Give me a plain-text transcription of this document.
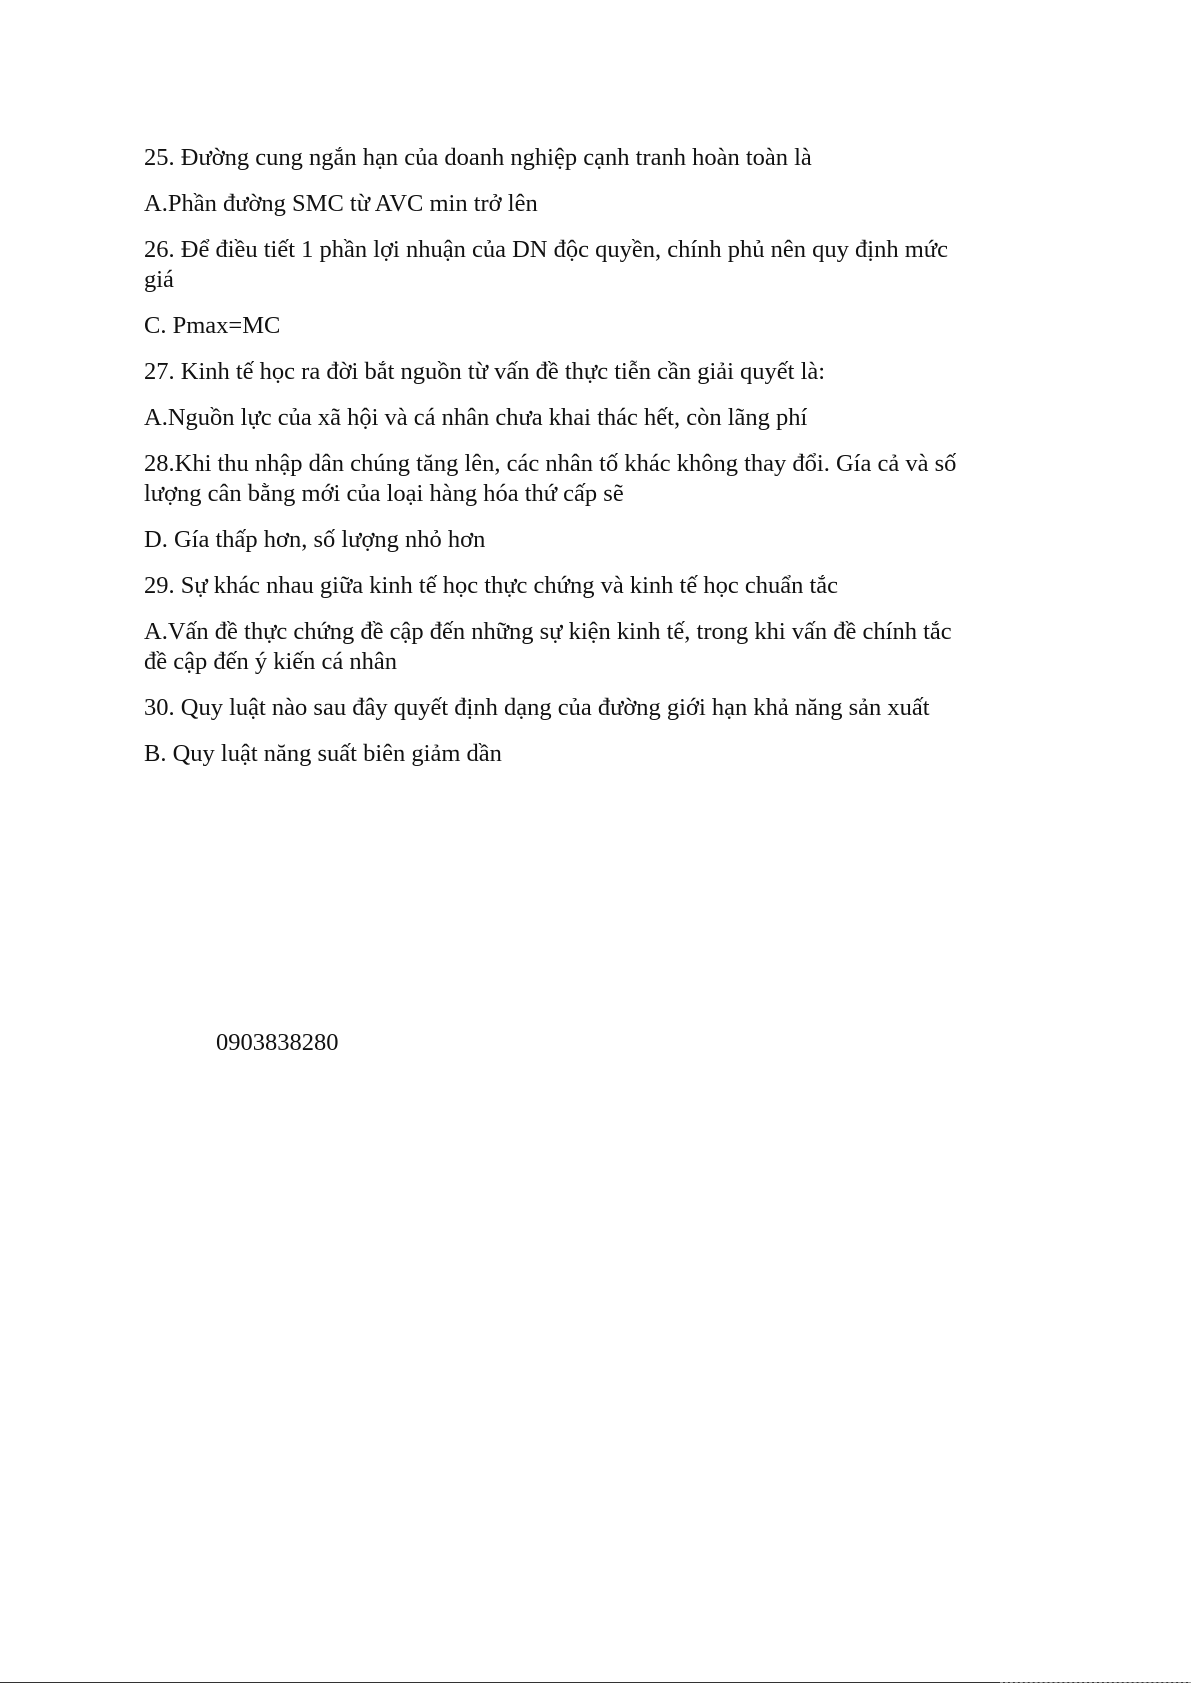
25. Đường cung ngắn hạn của doanh nghiệp cạnh tranh hoàn toàn là

A.Phần đường SMC từ AVC min trở lên

26. Để điều tiết 1 phần lợi nhuận của DN độc quyền, chính phủ nên quy định mức giá

C. Pmax=MC

27. Kinh tế học ra đời bắt nguồn từ vấn đề thực tiễn cần giải quyết là:

A.Nguồn lực của xã hội và cá nhân chưa khai thác hết, còn lãng phí

28.Khi thu nhập dân chúng tăng lên, các nhân tố khác không thay đổi. Gía cả và số lượng cân bằng mới của loại hàng hóa thứ cấp sẽ

D. Gía thấp hơn, số lượng nhỏ hơn

29. Sự khác nhau giữa kinh tế học thực chứng và kinh tế học chuẩn tắc

A.Vấn đề thực chứng đề cập đến những sự kiện kinh tế, trong khi vấn đề chính tắc đề cập đến ý kiến cá nhân

30. Quy luật nào sau đây quyết định dạng của đường giới hạn khả năng sản xuất

B. Quy luật năng suất biên giảm dần

0903838280
